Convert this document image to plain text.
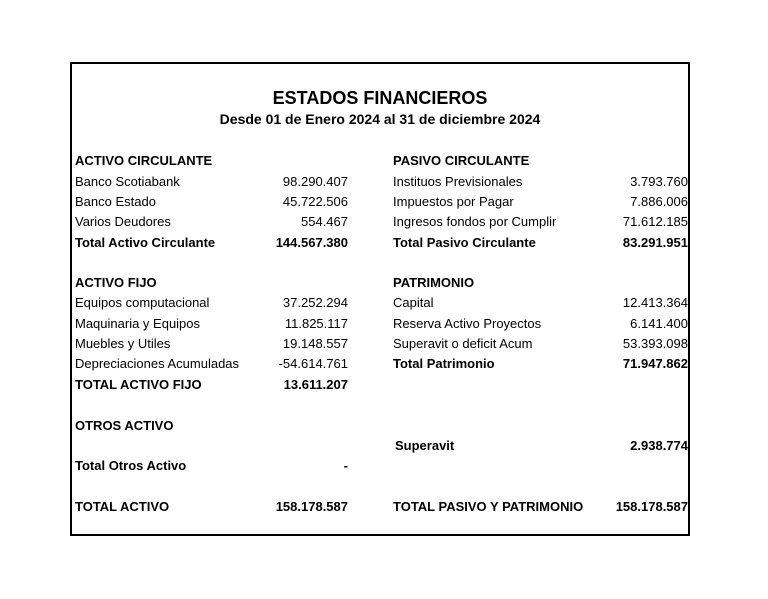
ESTADOS FINANCIEROS
Desde 01 de Enero 2024 al 31 de diciembre 2024
ACTIVO CIRCULANTE
Banco Scotiabank	98.290.407
Banco Estado	45.722.506
Varios Deudores	554.467
Total Activo Circulante	144.567.380
ACTIVO FIJO
Equipos computacional	37.252.294
Maquinaria y Equipos	11.825.117
Muebles y Utiles	19.148.557
Depreciaciones Acumuladas	-54.614.761
TOTAL ACTIVO FIJO	13.611.207
OTROS ACTIVO
Total Otros Activo	-
TOTAL ACTIVO	158.178.587
PASIVO CIRCULANTE
Instituos Previsionales	3.793.760
Impuestos por Pagar	7.886.006
Ingresos fondos por Cumplir	71.612.185
Total Pasivo Circulante	83.291.951
PATRIMONIO
Capital	12.413.364
Reserva Activo Proyectos	6.141.400
Superavit o deficit Acum	53.393.098
Total Patrimonio	71.947.862
Superavit	2.938.774
TOTAL PASIVO Y PATRIMONIO	158.178.587
